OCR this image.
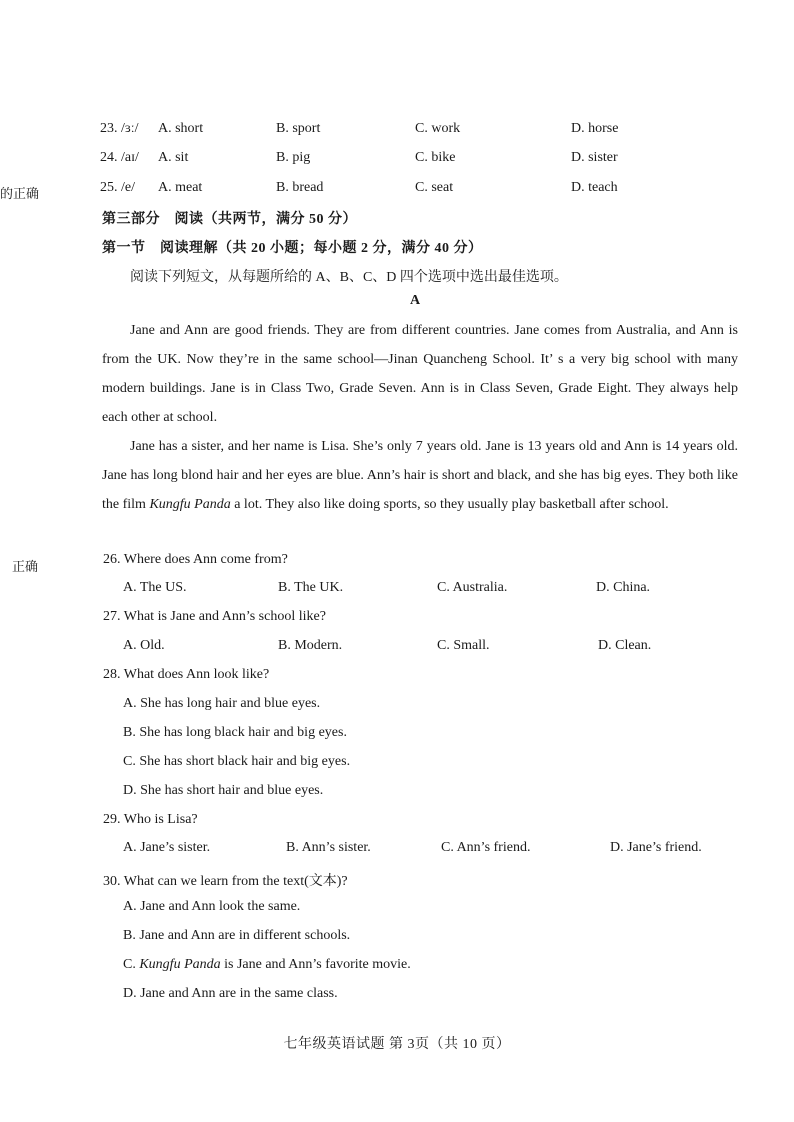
的正确
正确
23. /ɜː/ A. short	B. sport	C. work	D. horse
24. /aɪ/ A. sit	B. pig	C. bike	D. sister
25. /e/ A. meat	B. bread	C. seat	D. teach
第三部分　阅读（共两节，满分 50 分）
第一节　阅读理解（共 20 小题；每小题 2 分，满分 40 分）
阅读下列短文，从每题所给的 A、B、C、D 四个选项中选出最佳选项。
A
Jane and Ann are good friends. They are from different countries. Jane comes from Australia, and Ann is from the UK. Now they’re in the same school—Jinan Quancheng School. It’ s a very big school with many modern buildings. Jane is in Class Two, Grade Seven. Ann is in Class Seven, Grade Eight. They always help each other at school.
Jane has a sister, and her name is Lisa. She’s only 7 years old. Jane is 13 years old and Ann is 14 years old. Jane has long blond hair and her eyes are blue. Ann’s hair is short and black, and she has big eyes. They both like the film Kungfu Panda a lot. They also like doing sports, so they usually play basketball after school.
26. Where does Ann come from?
A. The US.	B. The UK.	C. Australia.	D. China.
27. What is Jane and Ann’s school like?
A. Old.	B. Modern.	C. Small.	D. Clean.
28. What does Ann look like?
A. She has long hair and blue eyes.
B. She has long black hair and big eyes.
C. She has short black hair and big eyes.
D. She has short hair and blue eyes.
29. Who is Lisa?
A. Jane’s sister.	B. Ann’s sister.	C. Ann’s friend.	D. Jane’s friend.
30. What can we learn from the text(文本)?
A. Jane and Ann look the same.
B. Jane and Ann are in different schools.
C. Kungfu Panda is Jane and Ann’s favorite movie.
D. Jane and Ann are in the same class.
七年级英语试题 第 3页（共 10 页）
